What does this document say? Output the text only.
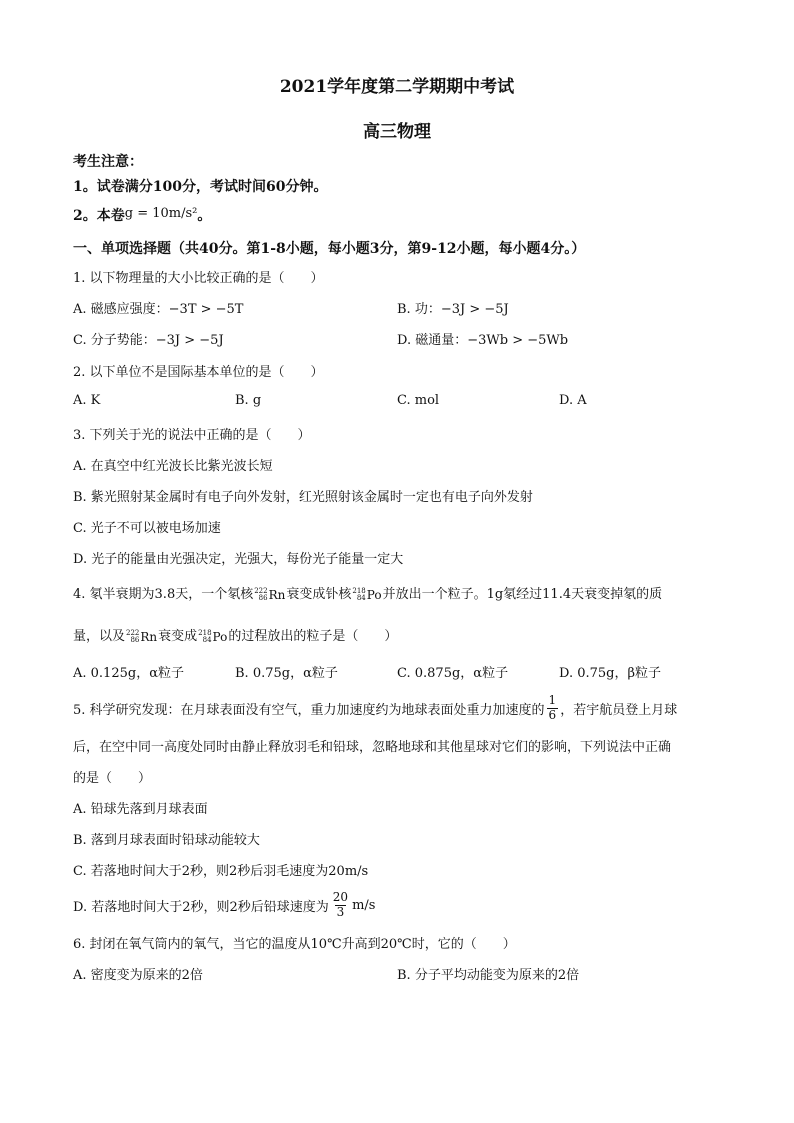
2021学年度第二学期期中考试
高三物理
考生注意：
1。试卷满分100分，考试时间60分钟。
2。本卷g = 10m/s²。
一、单项选择题（共40分。第1-8小题，每小题3分，第9-12小题，每小题4分。）
1. 以下物理量的大小比较正确的是（　　）
A. 磁感应强度：−3T > −5T	B. 功：−3J > −5J
C. 分子势能：−3J > −5J	D. 磁通量：−3Wb > −5Wb
2. 以下单位不是国际基本单位的是（　　）
A. K	B. g	C. mol	D. A
3. 下列关于光的说法中正确的是（　　）
A. 在真空中红光波长比紫光波长短
B. 紫光照射某金属时有电子向外发射，红光照射该金属时一定也有电子向外发射
C. 光子不可以被电场加速
D. 光子的能量由光强决定，光强大，每份光子能量一定大
4. 氡半衰期为3.8天，一个氡核 222
86 Rn 衰变成钋核 218
84 Po 并放出一个粒子。1g氡经过11.4天衰变掉氡的质
量，以及 222
86 Rn 衰变成 218
84 Po 的过程放出的粒子是（　　）
A. 0.125g，α粒子	B. 0.75g，α粒子	C. 0.875g，α粒子	D. 0.75g，β粒子
5. 科学研究发现：在月球表面没有空气，重力加速度约为地球表面处重力加速度的 $\frac{1}{6}$ ，若宇航员登上月球
后，在空中同一高度处同时由静止释放羽毛和铅球，忽略地球和其他星球对它们的影响，下列说法中正确
的是（　　）
A. 铅球先落到月球表面
B. 落到月球表面时铅球动能较大
C. 若落地时间大于2秒，则2秒后羽毛速度为20m/s
D. 若落地时间大于2秒，则2秒后铅球速度为 $\frac{20}{3} m/s$
6. 封闭在氧气筒内的氧气，当它的温度从10℃升高到20℃时，它的（　　）
A. 密度变为原来的2倍	B. 分子平均动能变为原来的2倍
